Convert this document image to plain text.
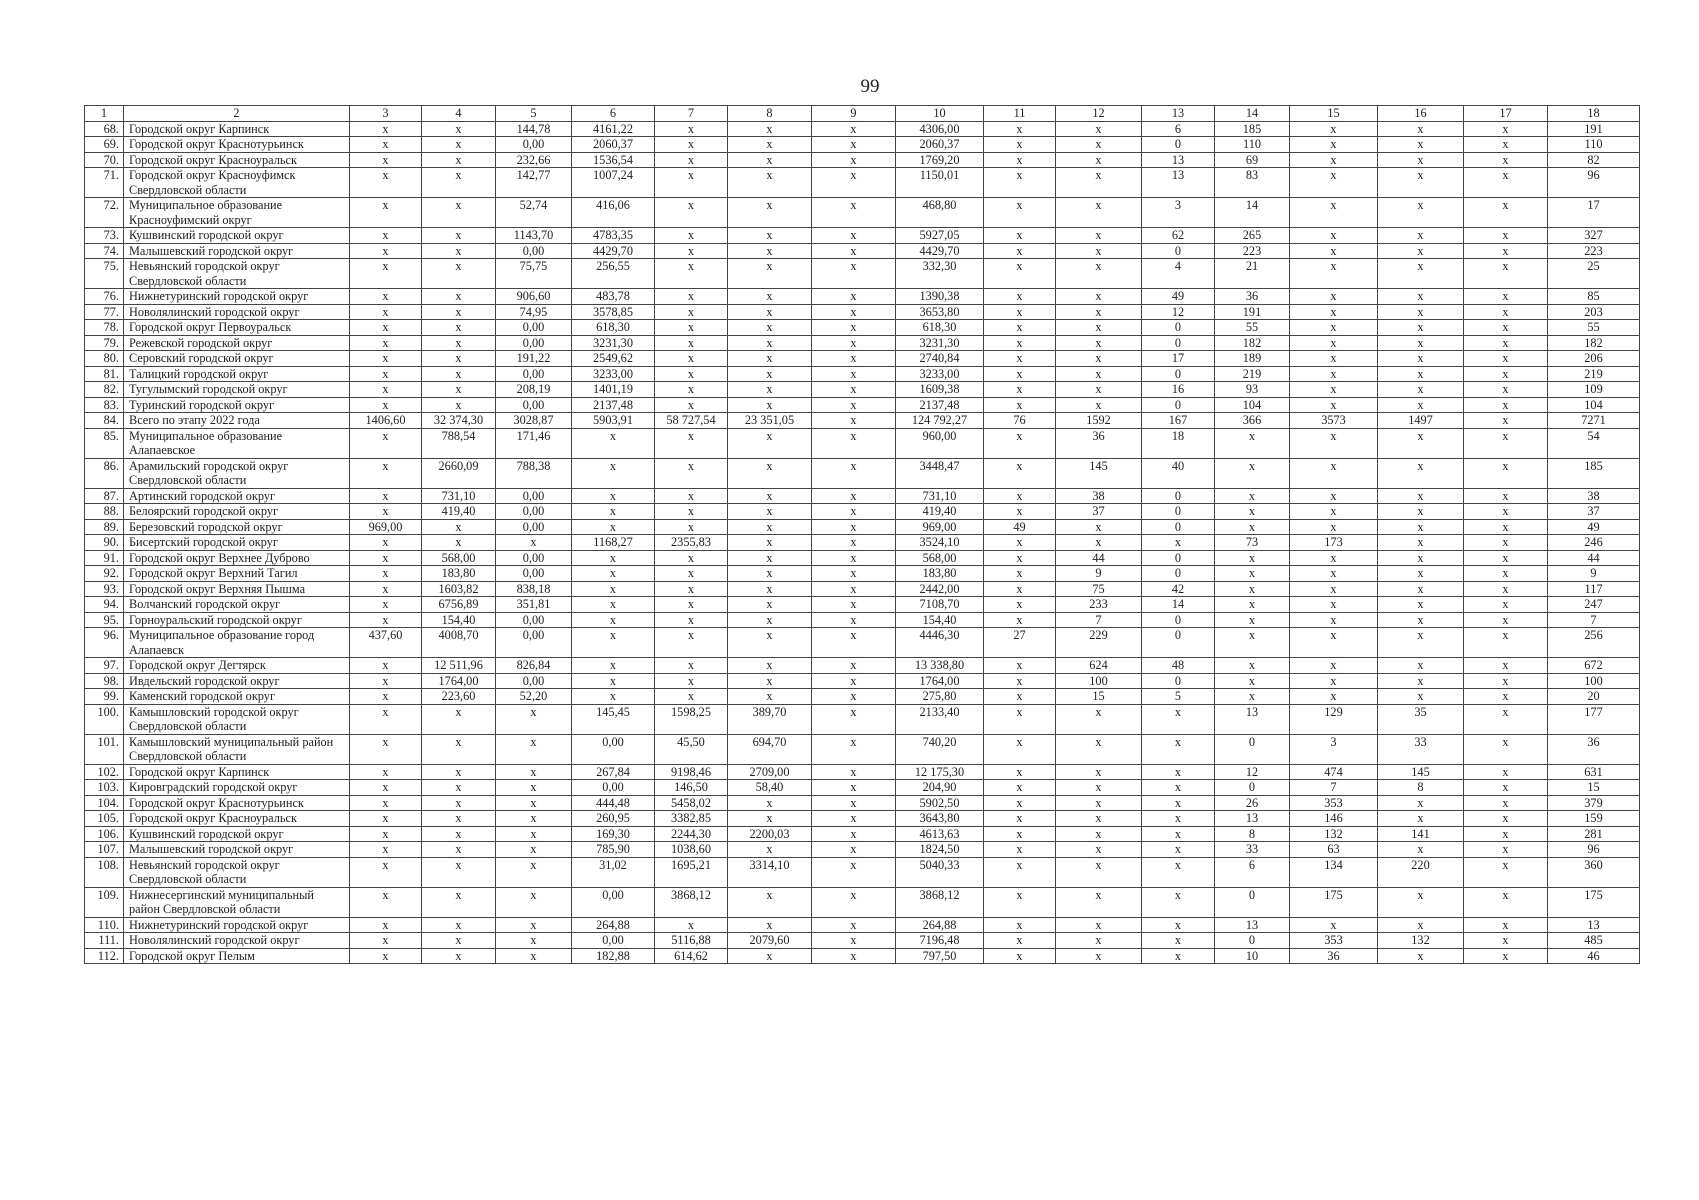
99
1	2	3	4	5	6	7	8	9	10	11	12	13	14	15	16	17	18
68.	Городской округ Карпинск	x	x	144,78	4161,22	x	x	x	4306,00	x	x	6	185	x	x	x	191
69.	Городской округ Краснотурьинск	x	x	0,00	2060,37	x	x	x	2060,37	x	x	0	110	x	x	x	110
70.	Городской округ Красноуральск	x	x	232,66	1536,54	x	x	x	1769,20	x	x	13	69	x	x	x	82
71.	Городской округ Красноуфимск Свердловской области	x	x	142,77	1007,24	x	x	x	1150,01	x	x	13	83	x	x	x	96
72.	Муниципальное образование Красноуфимский округ	x	x	52,74	416,06	x	x	x	468,80	x	x	3	14	x	x	x	17
73.	Кушвинский городской округ	x	x	1143,70	4783,35	x	x	x	5927,05	x	x	62	265	x	x	x	327
74.	Малышевский городской округ	x	x	0,00	4429,70	x	x	x	4429,70	x	x	0	223	x	x	x	223
75.	Невьянский городской округ Свердловской области	x	x	75,75	256,55	x	x	x	332,30	x	x	4	21	x	x	x	25
76.	Нижнетуринский городской округ	x	x	906,60	483,78	x	x	x	1390,38	x	x	49	36	x	x	x	85
77.	Новолялинский городской округ	x	x	74,95	3578,85	x	x	x	3653,80	x	x	12	191	x	x	x	203
78.	Городской округ Первоуральск	x	x	0,00	618,30	x	x	x	618,30	x	x	0	55	x	x	x	55
79.	Режевской городской округ	x	x	0,00	3231,30	x	x	x	3231,30	x	x	0	182	x	x	x	182
80.	Серовский городской округ	x	x	191,22	2549,62	x	x	x	2740,84	x	x	17	189	x	x	x	206
81.	Талицкий городской округ	x	x	0,00	3233,00	x	x	x	3233,00	x	x	0	219	x	x	x	219
82.	Тугулымский городской округ	x	x	208,19	1401,19	x	x	x	1609,38	x	x	16	93	x	x	x	109
83.	Туринский городской округ	x	x	0,00	2137,48	x	x	x	2137,48	x	x	0	104	x	x	x	104
84.	Всего по этапу 2022 года	1406,60	32 374,30	3028,87	5903,91	58 727,54	23 351,05	x	124 792,27	76	1592	167	366	3573	1497	x	7271
85.	Муниципальное образование Алапаевское	x	788,54	171,46	x	x	x	x	960,00	x	36	18	x	x	x	x	54
86.	Арамильский городской округ Свердловской области	x	2660,09	788,38	x	x	x	x	3448,47	x	145	40	x	x	x	x	185
87.	Артинский городской округ	x	731,10	0,00	x	x	x	x	731,10	x	38	0	x	x	x	x	38
88.	Белоярский городской округ	x	419,40	0,00	x	x	x	x	419,40	x	37	0	x	x	x	x	37
89.	Березовский городской округ	969,00	x	0,00	x	x	x	x	969,00	49	x	0	x	x	x	x	49
90.	Бисертский городской округ	x	x	x	1168,27	2355,83	x	x	3524,10	x	x	x	73	173	x	x	246
91.	Городской округ Верхнее Дуброво	x	568,00	0,00	x	x	x	x	568,00	x	44	0	x	x	x	x	44
92.	Городской округ Верхний Тагил	x	183,80	0,00	x	x	x	x	183,80	x	9	0	x	x	x	x	9
93.	Городской округ Верхняя Пышма	x	1603,82	838,18	x	x	x	x	2442,00	x	75	42	x	x	x	x	117
94.	Волчанский городской округ	x	6756,89	351,81	x	x	x	x	7108,70	x	233	14	x	x	x	x	247
95.	Горноуральский городской округ	x	154,40	0,00	x	x	x	x	154,40	x	7	0	x	x	x	x	7
96.	Муниципальное образование город Алапаевск	437,60	4008,70	0,00	x	x	x	x	4446,30	27	229	0	x	x	x	x	256
97.	Городской округ Дегтярск	x	12 511,96	826,84	x	x	x	x	13 338,80	x	624	48	x	x	x	x	672
98.	Ивдельский городской округ	x	1764,00	0,00	x	x	x	x	1764,00	x	100	0	x	x	x	x	100
99.	Каменский городской округ	x	223,60	52,20	x	x	x	x	275,80	x	15	5	x	x	x	x	20
100.	Камышловский городской округ Свердловской области	x	x	x	145,45	1598,25	389,70	x	2133,40	x	x	x	13	129	35	x	177
101.	Камышловский муниципальный район Свердловской области	x	x	x	0,00	45,50	694,70	x	740,20	x	x	x	0	3	33	x	36
102.	Городской округ Карпинск	x	x	x	267,84	9198,46	2709,00	x	12 175,30	x	x	x	12	474	145	x	631
103.	Кировградский городской округ	x	x	x	0,00	146,50	58,40	x	204,90	x	x	x	0	7	8	x	15
104.	Городской округ Краснотурьинск	x	x	x	444,48	5458,02	x	x	5902,50	x	x	x	26	353	x	x	379
105.	Городской округ Красноуральск	x	x	x	260,95	3382,85	x	x	3643,80	x	x	x	13	146	x	x	159
106.	Кушвинский городской округ	x	x	x	169,30	2244,30	2200,03	x	4613,63	x	x	x	8	132	141	x	281
107.	Малышевский городской округ	x	x	x	785,90	1038,60	x	x	1824,50	x	x	x	33	63	x	x	96
108.	Невьянский городской округ Свердловской области	x	x	x	31,02	1695,21	3314,10	x	5040,33	x	x	x	6	134	220	x	360
109.	Нижнесергинский муниципальный район Свердловской области	x	x	x	0,00	3868,12	x	x	3868,12	x	x	x	0	175	x	x	175
110.	Нижнетуринский городской округ	x	x	x	264,88	x	x	x	264,88	x	x	x	13	x	x	x	13
111.	Новолялинский городской округ	x	x	x	0,00	5116,88	2079,60	x	7196,48	x	x	x	0	353	132	x	485
112.	Городской округ Пелым	x	x	x	182,88	614,62	x	x	797,50	x	x	x	10	36	x	x	46
